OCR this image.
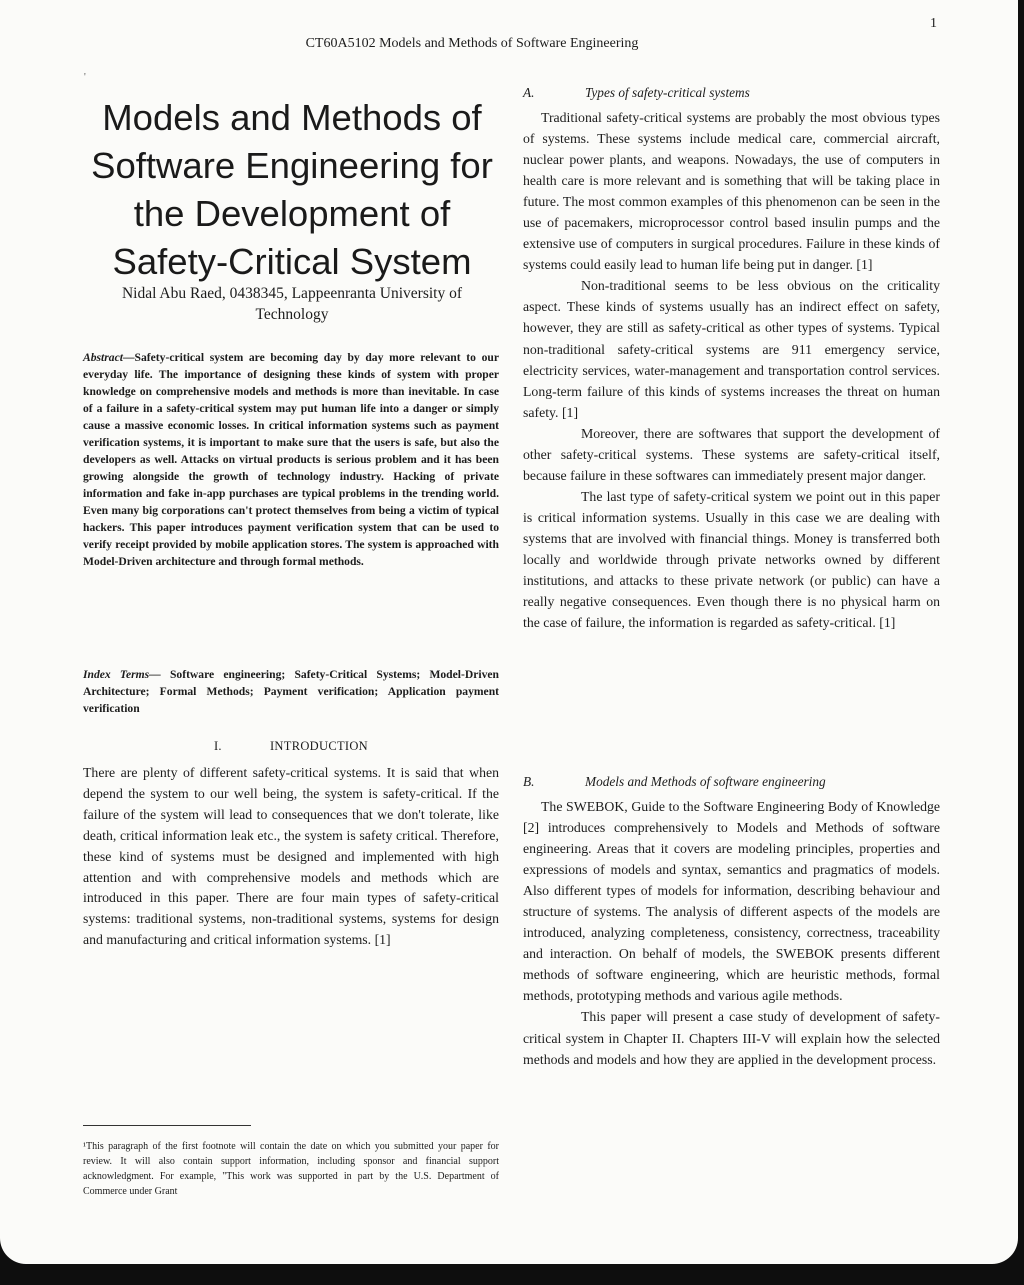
1
CT60A5102 Models and Methods of Software Engineering
'
Models and Methods of
Software Engineering for
the Development of
Safety-Critical System
Nidal Abu Raed, 0438345, Lappeenranta University of
Technology
Abstract—Safety-critical system are becoming day by day more relevant to our everyday life. The importance of designing these kinds of system with proper knowledge on comprehensive models and methods is more than inevitable. In case of a failure in a safety-critical system may put human life into a danger or simply cause a massive economic losses. In critical information systems such as payment verification systems, it is important to make sure that the users is safe, but also the developers as well. Attacks on virtual products is serious problem and it has been growing alongside the growth of technology industry. Hacking of private information and fake in-app purchases are typical problems in the trending world. Even many big corporations can't protect themselves from being a victim of typical hackers. This paper introduces payment verification system that can be used to verify receipt provided by mobile application stores. The system is approached with Model-Driven architecture and through formal methods.
Index Terms— Software engineering; Safety-Critical Systems; Model-Driven Architecture; Formal Methods; Payment verification; Application payment verification
I.	INTRODUCTION
There are plenty of different safety-critical systems. It is said that when depend the system to our well being, the system is safety-critical. If the failure of the system will lead to consequences that we don't tolerate, like death, critical information leak etc., the system is safety critical. Therefore, these kind of systems must be designed and implemented with high attention and with comprehensive models and methods which are introduced in this paper. There are four main types of safety-critical systems: traditional systems, non-traditional systems, systems for design and manufacturing and critical information systems. [1]
¹This paragraph of the first footnote will contain the date on which you submitted your paper for review. It will also contain support information, including sponsor and financial support acknowledgment. For example, "This work was supported in part by the U.S. Department of Commerce under Grant
A.	Types of safety-critical systems

Traditional safety-critical systems are probably the most obvious types of systems. These systems include medical care, commercial aircraft, nuclear power plants, and weapons. Nowadays, the use of computers in health care is more relevant and is something that will be taking place in future. The most common examples of this phenomenon can be seen in the use of pacemakers, microprocessor control based insulin pumps and the extensive use of computers in surgical procedures. Failure in these kinds of systems could easily lead to human life being put in danger. [1]

Non-traditional seems to be less obvious on the criticality aspect. These kinds of systems usually has an indirect effect on safety, however, they are still as safety-critical as other types of systems. Typical non-traditional safety-critical systems are 911 emergency service, electricity services, water-management and transportation control services. Long-term failure of this kinds of systems increases the threat on human safety. [1]

Moreover, there are softwares that support the development of other safety-critical systems. These systems are safety-critical itself, because failure in these softwares can immediately present major danger.

The last type of safety-critical system we point out in this paper is critical information systems. Usually in this case we are dealing with systems that are involved with financial things. Money is transferred both locally and worldwide through private networks owned by different institutions, and attacks to these private network (or public) can have a really negative consequences. Even though there is no physical harm on the case of failure, the information is regarded as safety-critical. [1]

B.	Models and Methods of software engineering

The SWEBOK, Guide to the Software Engineering Body of Knowledge [2] introduces comprehensively to Models and Methods of software engineering. Areas that it covers are modeling principles, properties and expressions of models and syntax, semantics and pragmatics of models. Also different types of models for information, describing behaviour and structure of systems. The analysis of different aspects of the models are introduced, analyzing completeness, consistency, correctness, traceability and interaction. On behalf of models, the SWEBOK presents different methods of software engineering, which are heuristic methods, formal methods, prototyping methods and various agile methods.

This paper will present a case study of development of safety-critical system in Chapter II. Chapters III-V will explain how the selected methods and models and how they are applied in the development process.
